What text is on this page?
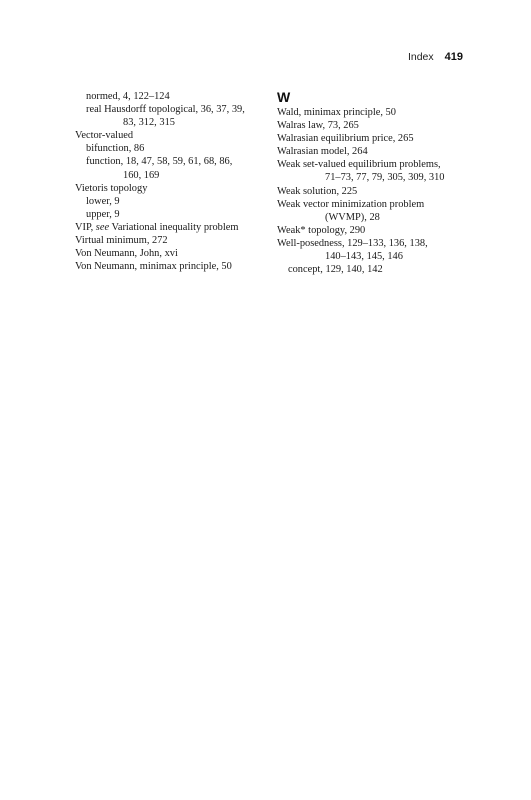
Index 419
normed, 4, 122–124
real Hausdorff topological, 36, 37, 39,
83, 312, 315
Vector-valued
bifunction, 86
function, 18, 47, 58, 59, 61, 68, 86,
160, 169
Vietoris topology
lower, 9
upper, 9
VIP, see Variational inequality problem
Virtual minimum, 272
Von Neumann, John, xvi
Von Neumann, minimax principle, 50
W
Wald, minimax principle, 50
Walras law, 73, 265
Walrasian equilibrium price, 265
Walrasian model, 264
Weak set-valued equilibrium problems,
71–73, 77, 79, 305, 309, 310
Weak solution, 225
Weak vector minimization problem
(WVMP), 28
Weak* topology, 290
Well-posedness, 129–133, 136, 138,
140–143, 145, 146
concept, 129, 140, 142
